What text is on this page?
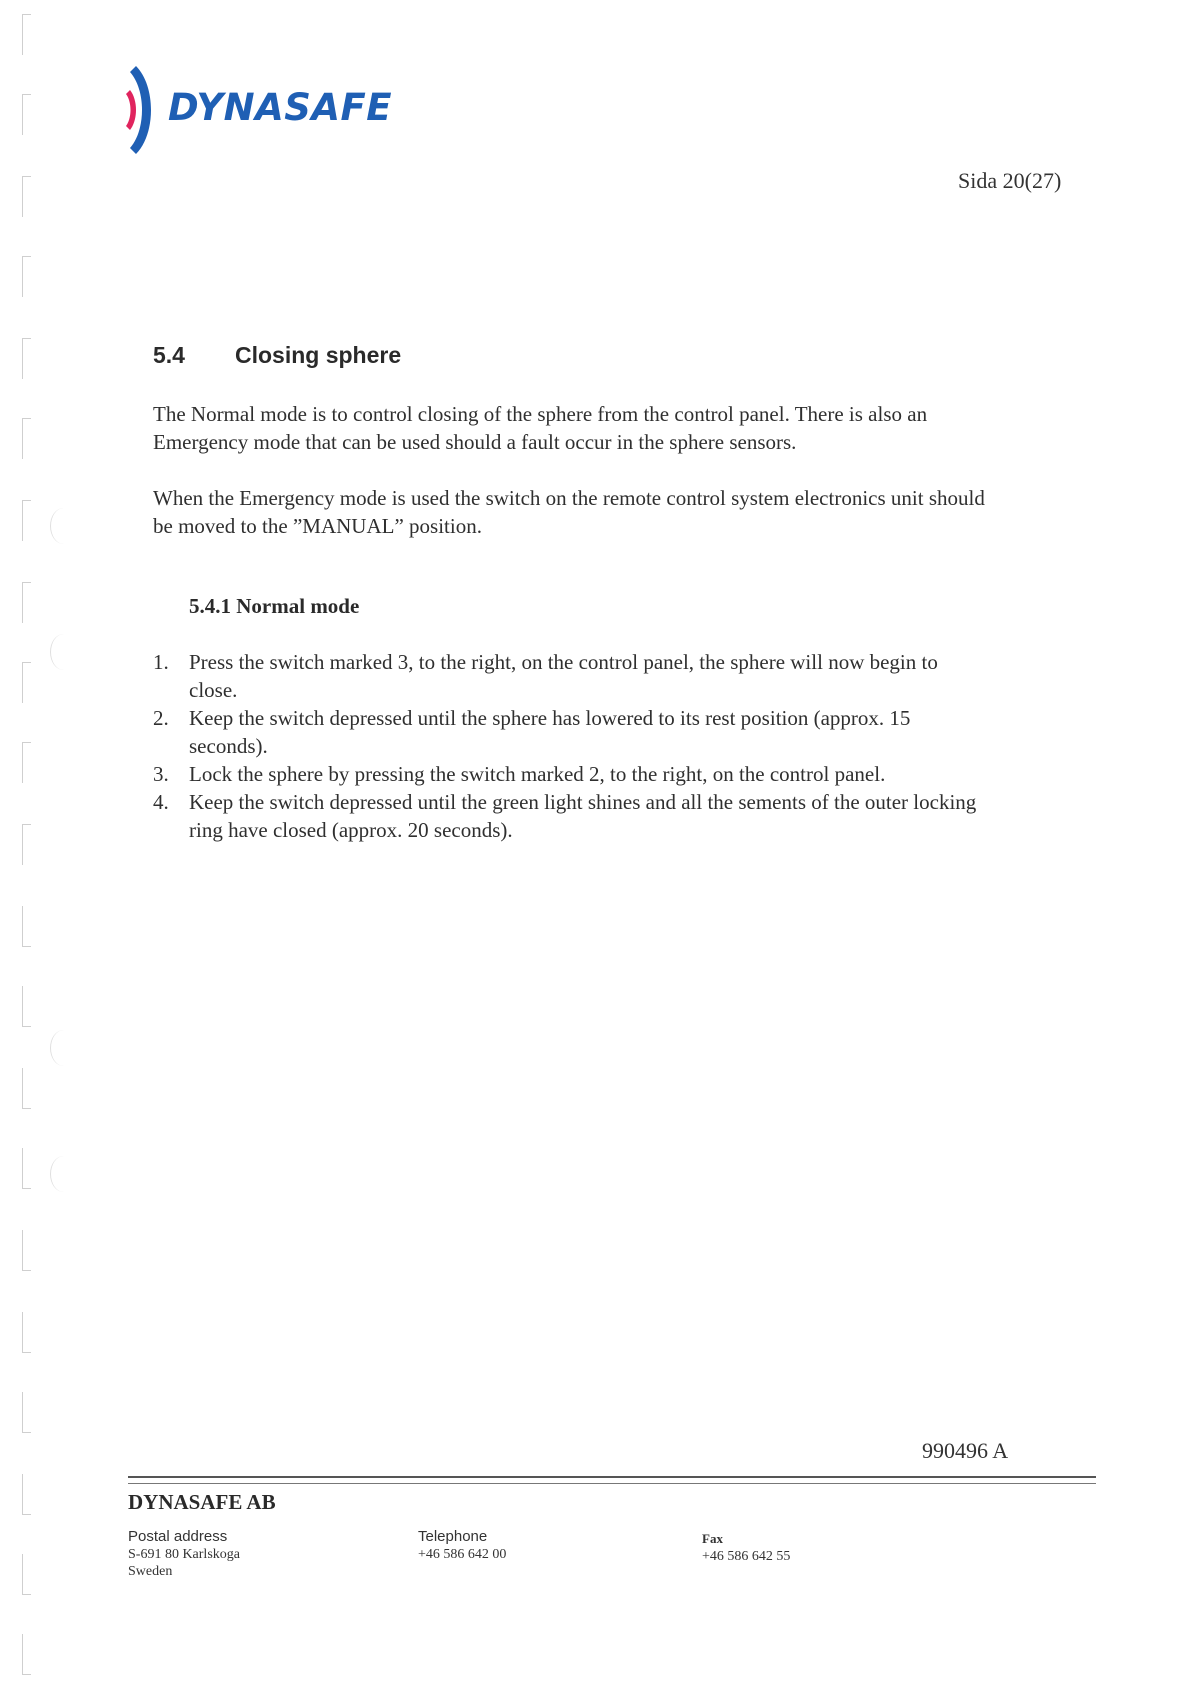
DYNASAFE
Sida 20(27)
5.4 Closing sphere
The Normal mode is to control closing of the sphere from the control panel. There is also an
Emergency mode that can be used should a fault occur in the sphere sensors.
When the Emergency mode is used the switch on the remote control system electronics unit should
be moved to the ”MANUAL” position.
5.4.1 Normal mode
1. Press the switch marked 3, to the right, on the control panel, the sphere will now begin to
close.
2. Keep the switch depressed until the sphere has lowered to its rest position (approx. 15
seconds).
3. Lock the sphere by pressing the switch marked 2, to the right, on the control panel.
4. Keep the switch depressed until the green light shines and all the sements of the outer locking
ring have closed (approx. 20 seconds).
990496 A
DYNASAFE AB
Postal address
S-691 80 Karlskoga
Sweden
Telephone
+46 586 642 00
Fax
+46 586 642 55
